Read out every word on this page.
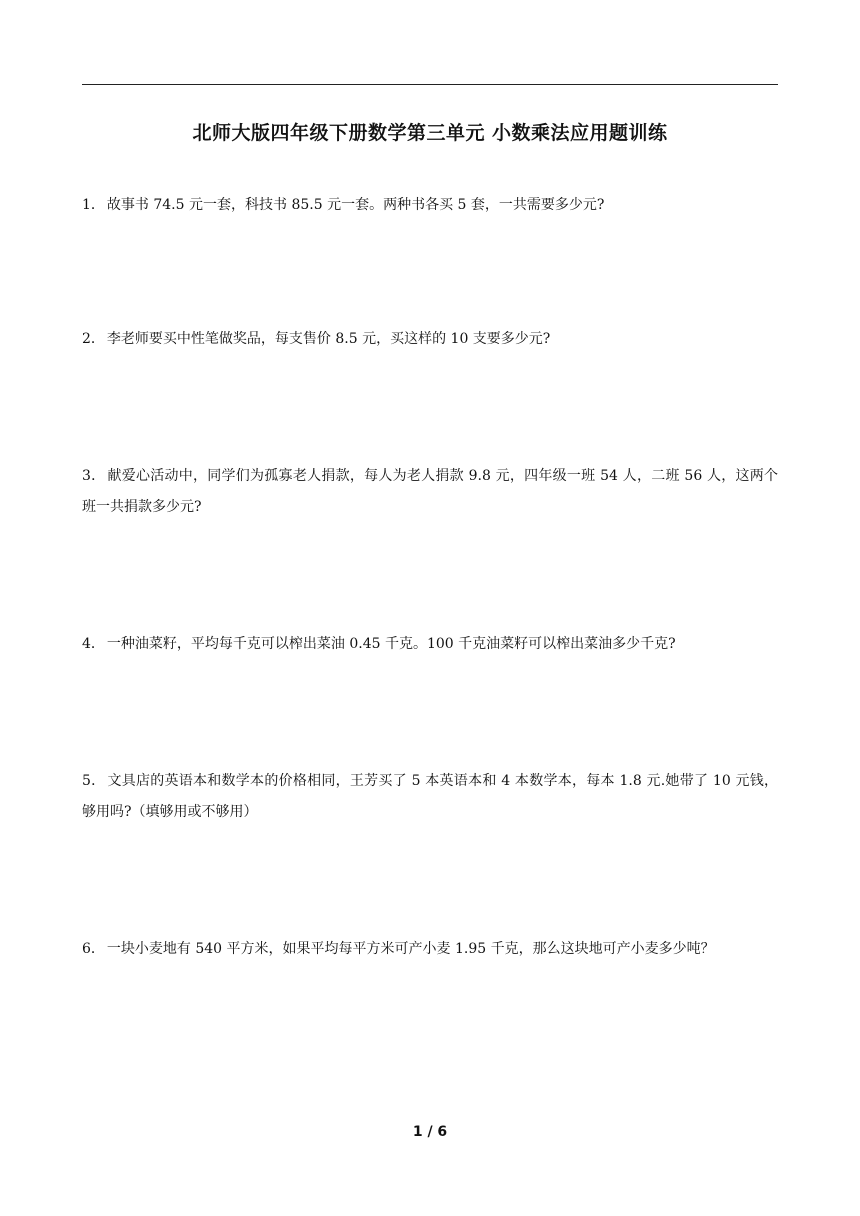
北师大版四年级下册数学第三单元 小数乘法应用题训练
1． 故事书 74.5 元一套，科技书 85.5 元一套。两种书各买 5 套，一共需要多少元?
2． 李老师要买中性笔做奖品，每支售价 8.5 元，买这样的 10 支要多少元?
3． 献爱心活动中，同学们为孤寡老人捐款，每人为老人捐款 9.8 元，四年级一班 54 人，二班 56 人，这两个班一共捐款多少元?
4． 一种油菜籽，平均每千克可以榨出菜油 0.45 千克。100 千克油菜籽可以榨出菜油多少千克?
5． 文具店的英语本和数学本的价格相同，王芳买了 5 本英语本和 4 本数学本，每本 1.8 元.她带了 10 元钱，够用吗?（填够用或不够用）
6． 一块小麦地有 540 平方米，如果平均每平方米可产小麦 1.95 千克，那么这块地可产小麦多少吨？
1 / 6
